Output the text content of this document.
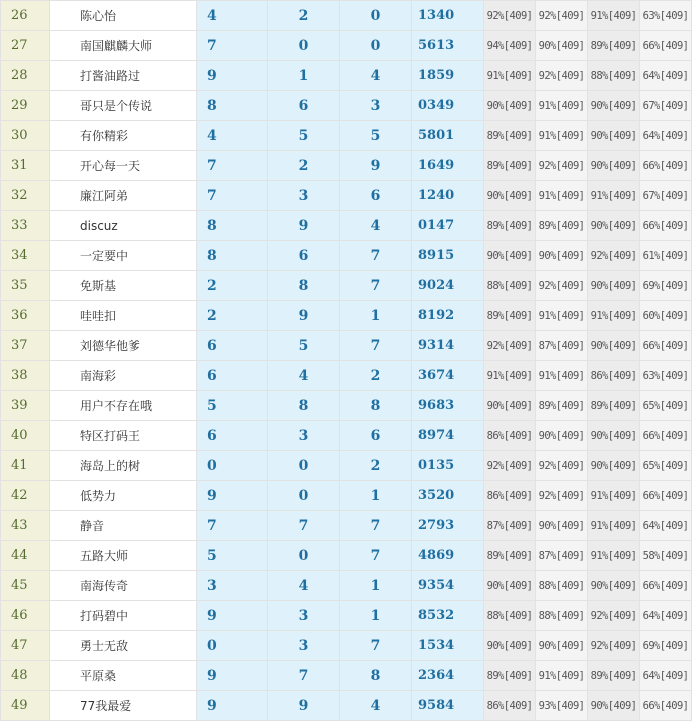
26	陈心怡	4	2	0	1340	92%[409]	92%[409]	91%[409]	63%[409]
27	南国麒麟大师	7	0	0	5613	94%[409]	90%[409]	89%[409]	66%[409]
28	打酱油路过	9	1	4	1859	91%[409]	92%[409]	88%[409]	64%[409]
29	哥只是个传说	8	6	3	0349	90%[409]	91%[409]	90%[409]	67%[409]
30	有你精彩	4	5	5	5801	89%[409]	91%[409]	90%[409]	64%[409]
31	开心每一天	7	2	9	1649	89%[409]	92%[409]	90%[409]	66%[409]
32	廉江阿弟	7	3	6	1240	90%[409]	91%[409]	91%[409]	67%[409]
33	discuz	8	9	4	0147	89%[409]	89%[409]	90%[409]	66%[409]
34	一定要中	8	6	7	8915	90%[409]	90%[409]	92%[409]	61%[409]
35	免斯基	2	8	7	9024	88%[409]	92%[409]	90%[409]	69%[409]
36	哇哇扣	2	9	1	8192	89%[409]	91%[409]	91%[409]	60%[409]
37	刘德华他爹	6	5	7	9314	92%[409]	87%[409]	90%[409]	66%[409]
38	南海彩	6	4	2	3674	91%[409]	91%[409]	86%[409]	63%[409]
39	用户不存在哦	5	8	8	9683	90%[409]	89%[409]	89%[409]	65%[409]
40	特区打码王	6	3	6	8974	86%[409]	90%[409]	90%[409]	66%[409]
41	海岛上的树	0	0	2	0135	92%[409]	92%[409]	90%[409]	65%[409]
42	低势力	9	0	1	3520	86%[409]	92%[409]	91%[409]	66%[409]
43	静音	7	7	7	2793	87%[409]	90%[409]	91%[409]	64%[409]
44	五路大师	5	0	7	4869	89%[409]	87%[409]	91%[409]	58%[409]
45	南海传奇	3	4	1	9354	90%[409]	88%[409]	90%[409]	66%[409]
46	打码碧中	9	3	1	8532	88%[409]	88%[409]	92%[409]	64%[409]
47	勇士无敌	0	3	7	1534	90%[409]	90%[409]	92%[409]	69%[409]
48	平原桑	9	7	8	2364	89%[409]	91%[409]	89%[409]	64%[409]
49	77我最爱	9	9	4	9584	86%[409]	93%[409]	90%[409]	66%[409]
